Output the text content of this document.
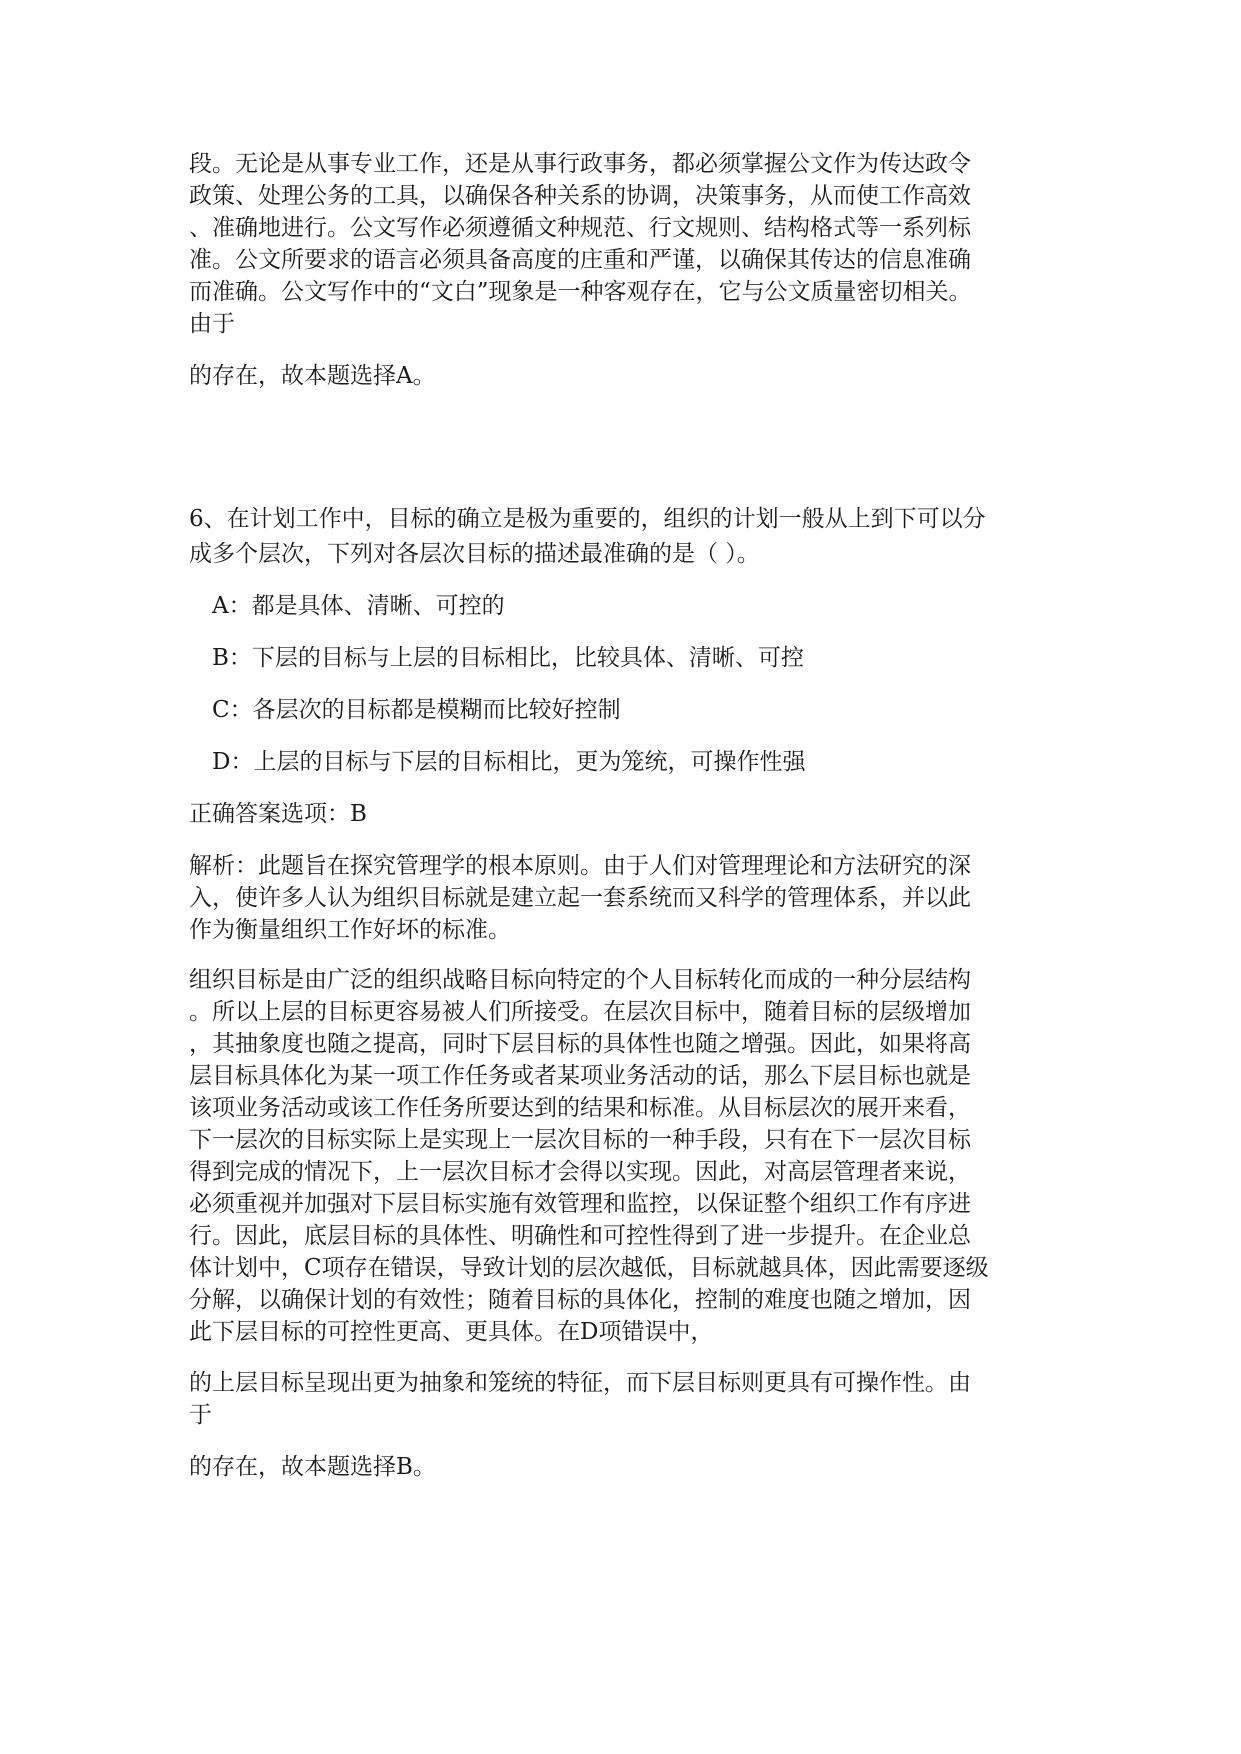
段。无论是从事专业工作，还是从事行政事务，都必须掌握公文作为传达政令
政策、处理公务的工具，以确保各种关系的协调，决策事务，从而使工作高效
、准确地进行。公文写作必须遵循文种规范、行文规则、结构格式等一系列标
准。公文所要求的语言必须具备高度的庄重和严谨，以确保其传达的信息准确
而准确。公文写作中的“文白”现象是一种客观存在，它与公文质量密切相关。
由于

的存在，故本题选择A。

6、在计划工作中，目标的确立是极为重要的，组织的计划一般从上到下可以分
成多个层次，下列对各层次目标的描述最准确的是（ ）。

A：都是具体、清晰、可控的

B：下层的目标与上层的目标相比，比较具体、清晰、可控

C：各层次的目标都是模糊而比较好控制

D：上层的目标与下层的目标相比，更为笼统，可操作性强

正确答案选项：B

解析：此题旨在探究管理学的根本原则。由于人们对管理理论和方法研究的深
入，使许多人认为组织目标就是建立起一套系统而又科学的管理体系，并以此
作为衡量组织工作好坏的标准。

组织目标是由广泛的组织战略目标向特定的个人目标转化而成的一种分层结构
。所以上层的目标更容易被人们所接受。在层次目标中，随着目标的层级增加
，其抽象度也随之提高，同时下层目标的具体性也随之增强。因此，如果将高
层目标具体化为某一项工作任务或者某项业务活动的话，那么下层目标也就是
该项业务活动或该工作任务所要达到的结果和标准。从目标层次的展开来看，
下一层次的目标实际上是实现上一层次目标的一种手段，只有在下一层次目标
得到完成的情况下，上一层次目标才会得以实现。因此，对高层管理者来说，
必须重视并加强对下层目标实施有效管理和监控，以保证整个组织工作有序进
行。因此，底层目标的具体性、明确性和可控性得到了进一步提升。在企业总
体计划中，C项存在错误，导致计划的层次越低，目标就越具体，因此需要逐级
分解，以确保计划的有效性；随着目标的具体化，控制的难度也随之增加，因
此下层目标的可控性更高、更具体。在D项错误中，

的上层目标呈现出更为抽象和笼统的特征，而下层目标则更具有可操作性。由
于

的存在，故本题选择B。
